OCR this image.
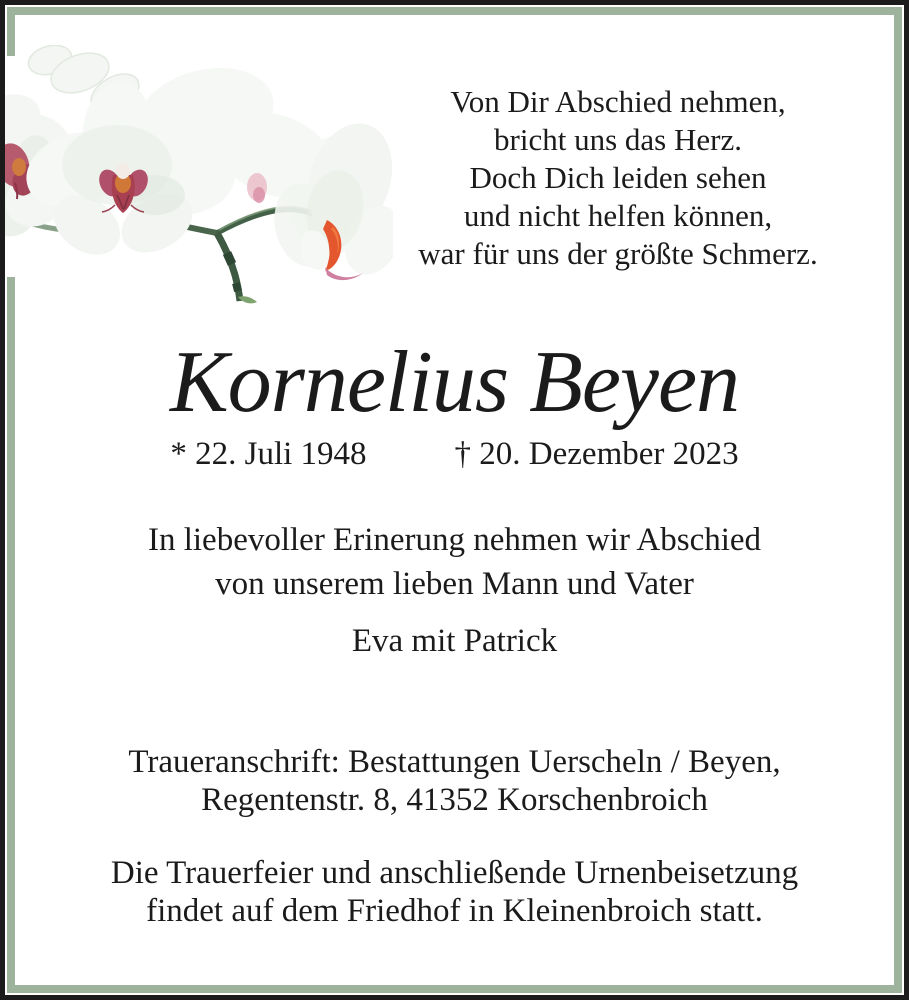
Von Dir Abschied nehmen,
bricht uns das Herz.
Doch Dich leiden sehen
und nicht helfen können,
war für uns der größte Schmerz.
Kornelius Beyen
* 22. Juli 1948	† 20. Dezember 2023
In liebevoller Erinerung nehmen wir Abschied
von unserem lieben Mann und Vater
Eva mit Patrick
Traueranschrift: Bestattungen Uerscheln / Beyen,
Regentenstr. 8, 41352 Korschenbroich
Die Trauerfeier und anschließende Urnenbeisetzung
findet auf dem Friedhof in Kleinenbroich statt.
